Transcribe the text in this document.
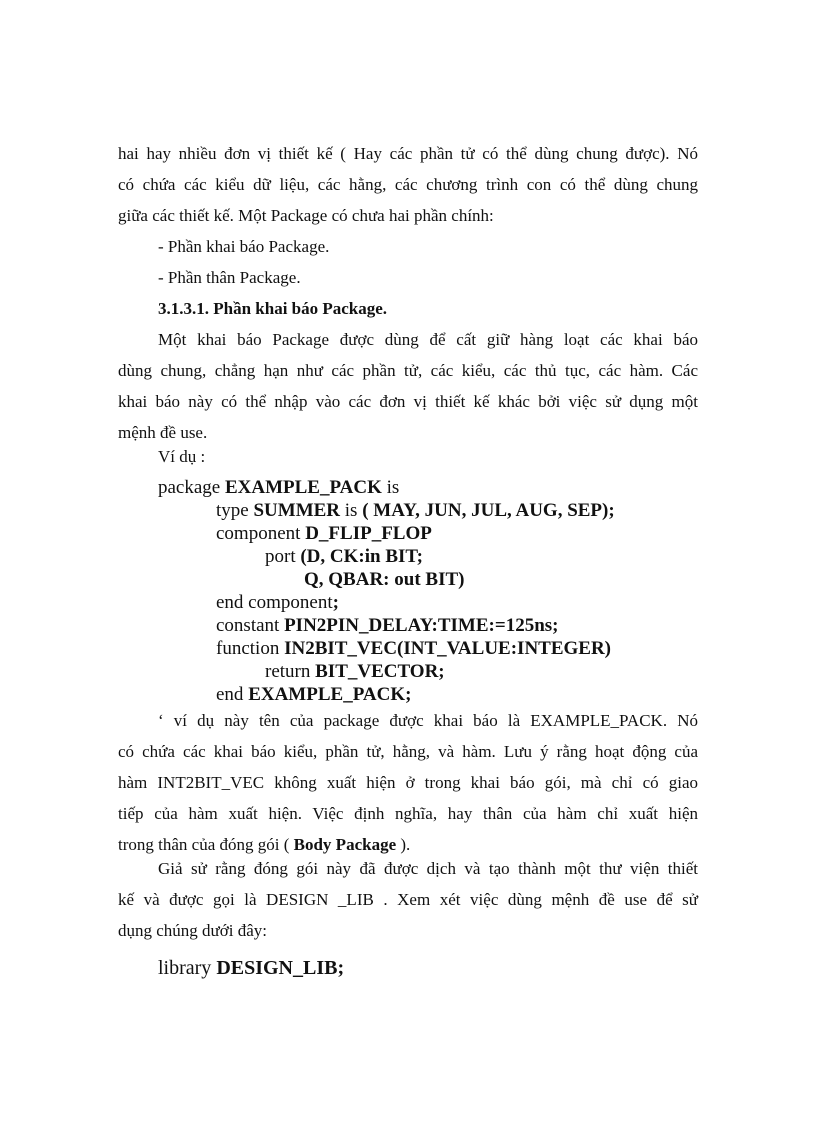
hai hay nhiều đơn vị thiết kế ( Hay các phần tử có thể dùng chung được). Nó
có chứa các kiểu dữ liệu, các hằng, các chương trình con có thể dùng chung
giữa các thiết kế. Một Package có chưa hai phần chính:

- Phần khai báo Package.

- Phần thân Package.

3.1.3.1. Phần khai báo Package.

Một khai báo Package được dùng để cất giữ hàng loạt các khai báo
dùng chung, chẳng hạn như các phần tử, các kiểu, các thủ tục, các hàm. Các
khai báo này có thể nhập vào các đơn vị thiết kế khác bởi việc sử dụng một
mệnh đề use.

Ví dụ :

package EXAMPLE_PACK is

type SUMMER is ( MAY, JUN, JUL, AUG, SEP);

component D_FLIP_FLOP

port (D, CK:in BIT;

Q, QBAR: out BIT)

end component;

constant PIN2PIN_DELAY:TIME:=125ns;

function IN2BIT_VEC(INT_VALUE:INTEGER)

return BIT_VECTOR;

end EXAMPLE_PACK;

‘ ví dụ này tên của package được khai báo là EXAMPLE_PACK. Nó
có chứa các khai báo kiểu, phần tử, hằng, và hàm. Lưu ý rằng hoạt động của
hàm INT2BIT_VEC không xuất hiện ở trong khai báo gói, mà chỉ có giao
tiếp của hàm xuất hiện. Việc định nghĩa, hay thân của hàm chỉ xuất hiện
trong thân của đóng gói ( Body Package ).
Giả sử rằng đóng gói này đã được dịch và tạo thành một thư viện thiết
kế và được gọi là DESIGN _LIB . Xem xét việc dùng mệnh đề use để sử
dụng chúng dưới đây:

library DESIGN_LIB;
